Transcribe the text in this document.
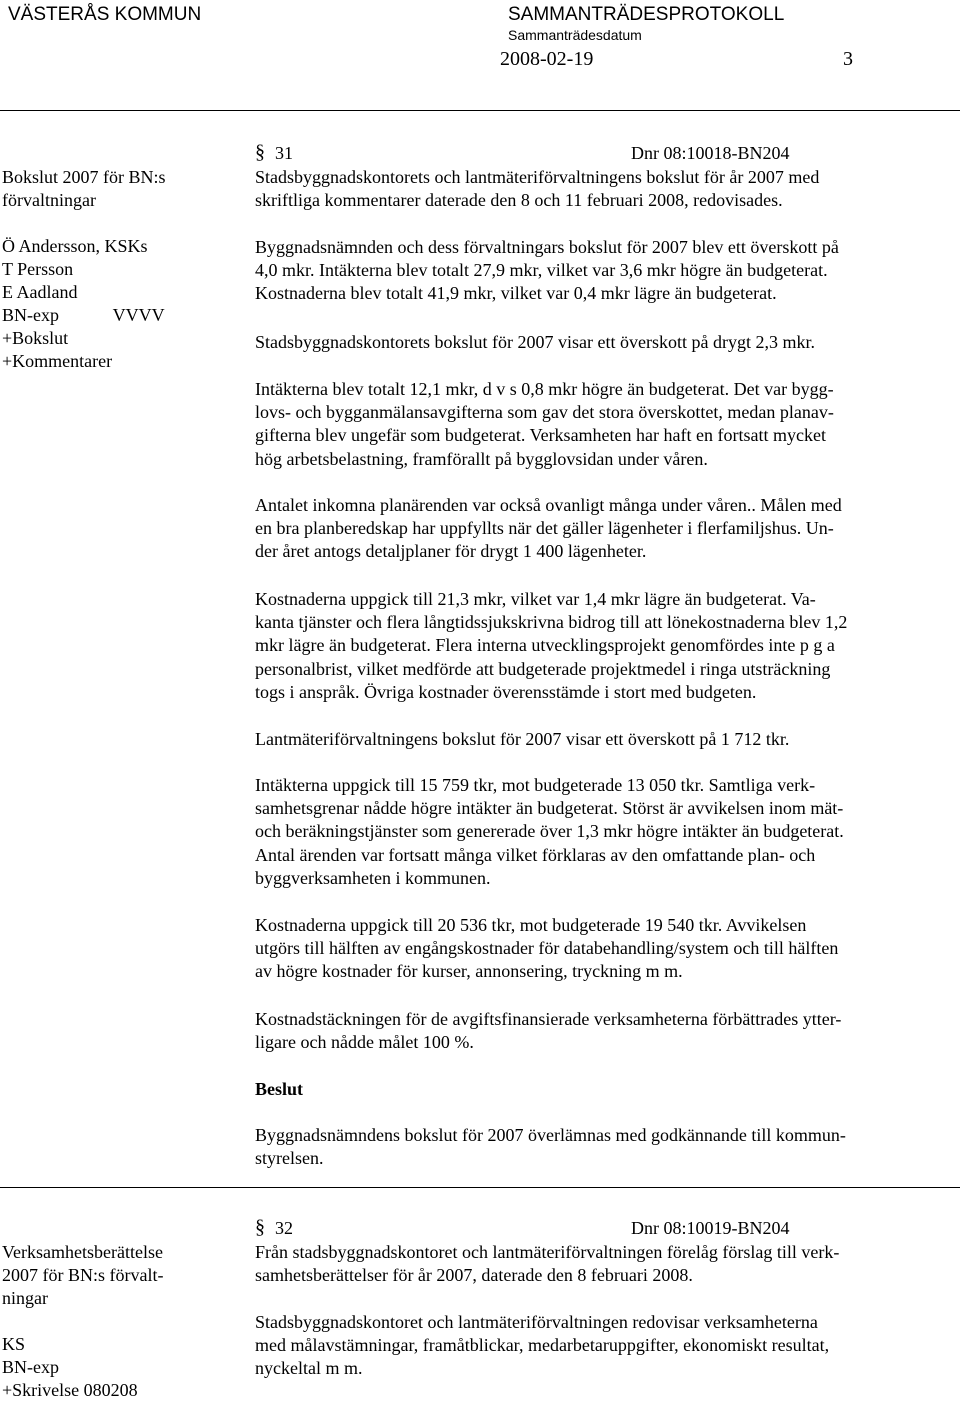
VÄSTERÅS KOMMUN	SAMMANTRÄDESPROTOKOLL
Sammanträdesdatum
2008-02-19	3
Bokslut 2007 för BN:s
förvaltningar
Ö Andersson, KSKs
T Persson
E Aadland
BN-exp            VVVV
+Bokslut
+Kommentarer
§ 31	Dnr 08:10018-BN204
Stadsbyggnadskontorets och lantmäteriförvaltningens bokslut för år 2007 med
skriftliga kommentarer daterade den 8 och 11 februari 2008, redovisades.
Byggnadsnämnden och dess förvaltningars bokslut för 2007 blev ett överskott på
4,0 mkr. Intäkterna blev totalt 27,9 mkr, vilket var 3,6 mkr högre än budgeterat.
Kostnaderna blev totalt 41,9 mkr, vilket var 0,4 mkr lägre än budgeterat.
Stadsbyggnadskontorets bokslut för 2007 visar ett överskott på drygt 2,3 mkr.
Intäkterna blev totalt 12,1 mkr, d v s 0,8 mkr högre än budgeterat. Det var bygg-
lovs- och bygganmälansavgifterna som gav det stora överskottet, medan planav-
gifterna blev ungefär som budgeterat. Verksamheten har haft en fortsatt mycket
hög arbetsbelastning, framförallt på bygglovsidan under våren.
Antalet inkomna planärenden var också ovanligt många under våren.. Målen med
en bra planberedskap har uppfyllts när det gäller lägenheter i flerfamiljshus. Un-
der året antogs detaljplaner för drygt 1 400 lägenheter.
Kostnaderna uppgick till 21,3 mkr, vilket var 1,4 mkr lägre än budgeterat. Va-
kanta tjänster och flera långtidssjukskrivna bidrog till att lönekostnaderna blev 1,2
mkr lägre än budgeterat. Flera interna utvecklingsprojekt genomfördes inte p g a
personalbrist, vilket medförde att budgeterade projektmedel i ringa utsträckning
togs i anspråk. Övriga kostnader överensstämde i stort med budgeten.
Lantmäteriförvaltningens bokslut för 2007 visar ett överskott på 1 712 tkr.
Intäkterna uppgick till 15 759 tkr, mot budgeterade 13 050 tkr. Samtliga verk-
samhetsgrenar nådde högre intäkter än budgeterat. Störst är avvikelsen inom mät-
och beräkningstjänster som genererade över 1,3 mkr högre intäkter än budgeterat.
Antal ärenden var fortsatt många vilket förklaras av den omfattande plan- och
byggverksamheten i kommunen.
Kostnaderna uppgick till 20 536 tkr, mot budgeterade 19 540 tkr. Avvikelsen
utgörs till hälften av engångskostnader för databehandling/system och till hälften
av högre kostnader för kurser, annonsering, tryckning m m.
Kostnadstäckningen för de avgiftsfinansierade verksamheterna förbättrades ytter-
ligare och nådde målet 100 %.
Beslut
Byggnadsnämndens bokslut för 2007 överlämnas med godkännande till kommun-
styrelsen.
Verksamhetsberättelse
2007 för BN:s förvalt-
ningar
KS
BN-exp
+Skrivelse 080208
§ 32	Dnr 08:10019-BN204
Från stadsbyggnadskontoret och lantmäteriförvaltningen förelåg förslag till verk-
samhetsberättelser för år 2007, daterade den 8 februari 2008.
Stadsbyggnadskontoret och lantmäteriförvaltningen redovisar verksamheterna
med målavstämningar, framåtblickar, medarbetaruppgifter, ekonomiskt resultat,
nyckeltal m m.
